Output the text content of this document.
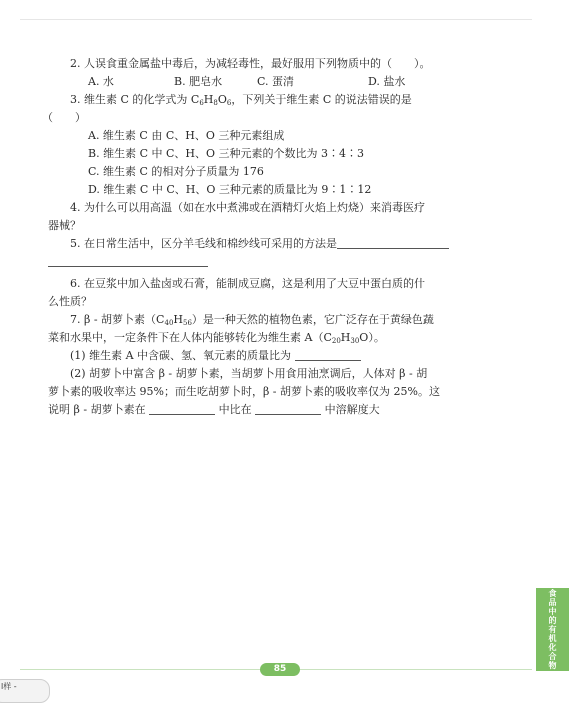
2. 人误食重金属盐中毒后，为减轻毒性，最好服用下列物质中的（　　）。

A. 水	B. 肥皂水	C. 蛋清	D. 盐水

3. 维生素 C 的化学式为 $C_6H_8O_6$，下列关于维生素 C 的说法错误的是

（　　）

A. 维生素 C 由 C、H、O 三种元素组成

B. 维生素 C 中 C、H、O 三种元素的个数比为 3∶4∶3

C. 维生素 C 的相对分子质量为 176

D. 维生素 C 中 C、H、O 三种元素的质量比为 9∶1∶12

4. 为什么可以用高温（如在水中煮沸或在酒精灯火焰上灼烧）来消毒医疗

器械？

5. 在日常生活中，区分羊毛线和棉纱线可采用的方法是

6. 在豆浆中加入盐卤或石膏，能制成豆腐，这是利用了大豆中蛋白质的什

么性质？

7. β - 胡萝卜素$(C_{40}H_{56})$是一种天然的植物色素，它广泛存在于黄绿色蔬

菜和水果中，一定条件下在人体内能够转化为维生素 $A(C_{20}H_{30}O)$。

(1) 维生素 A 中含碳、氢、氧元素的质量比为

(2) 胡萝卜中富含 β - 胡萝卜素，当胡萝卜用食用油烹调后，人体对 β - 胡

萝卜素的吸收率达 95%；而生吃胡萝卜时，β - 胡萝卜素的吸收率仅为 25%。这

说明 β - 胡萝卜素在	中比在	中溶解度大

食品中的有机化合物
85
l样 -
